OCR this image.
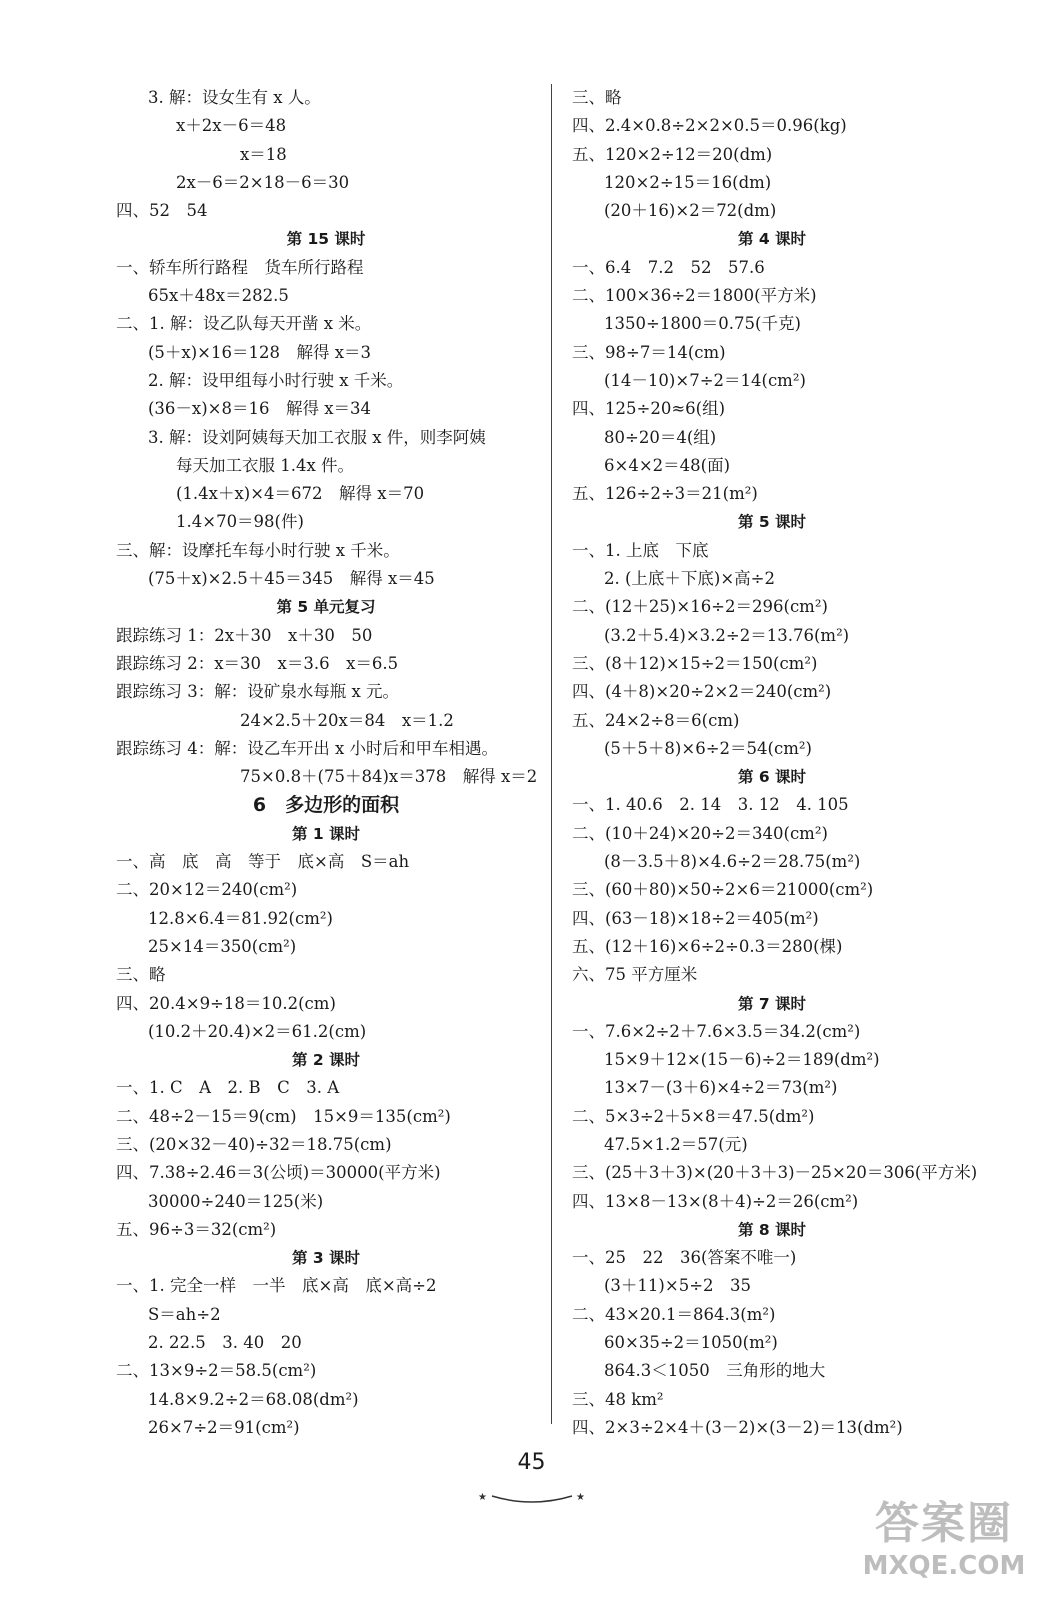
3. 解：设女生有 x 人。
x＋2x－6＝48
x＝18
2x－6＝2×18－6＝30
四、52　54
第 15 课时
一、轿车所行路程　货车所行路程
65x＋48x＝282.5
二、1. 解：设乙队每天开凿 x 米。
(5＋x)×16＝128　解得 x＝3
2. 解：设甲组每小时行驶 x 千米。
(36－x)×8＝16　解得 x＝34
3. 解：设刘阿姨每天加工衣服 x 件，则李阿姨
每天加工衣服 1.4x 件。
(1.4x＋x)×4＝672　解得 x＝70
1.4×70＝98(件)
三、解：设摩托车每小时行驶 x 千米。
(75＋x)×2.5＋45＝345　解得 x＝45
第 5 单元复习
跟踪练习 1：2x＋30　x＋30　50
跟踪练习 2：x＝30　x＝3.6　x＝6.5
跟踪练习 3：解：设矿泉水每瓶 x 元。
24×2.5＋20x＝84　x＝1.2
跟踪练习 4：解：设乙车开出 x 小时后和甲车相遇。
75×0.8＋(75＋84)x＝378　解得 x＝2
6　多边形的面积
第 1 课时
一、高　底　高　等于　底×高　S＝ah
二、20×12＝240(cm²)
12.8×6.4＝81.92(cm²)
25×14＝350(cm²)
三、略
四、20.4×9÷18＝10.2(cm)
(10.2＋20.4)×2＝61.2(cm)
第 2 课时
一、1. C　A　2. B　C　3. A
二、48÷2－15＝9(cm)　15×9＝135(cm²)
三、(20×32－40)÷32＝18.75(cm)
四、7.38÷2.46＝3(公顷)＝30000(平方米)
30000÷240＝125(米)
五、96÷3＝32(cm²)
第 3 课时
一、1. 完全一样　一半　底×高　底×高÷2
S＝ah÷2
2. 22.5　3. 40　20
二、13×9÷2＝58.5(cm²)
14.8×9.2÷2＝68.08(dm²)
26×7÷2＝91(cm²)
三、略
四、2.4×0.8÷2×2×0.5＝0.96(kg)
五、120×2÷12＝20(dm)
120×2÷15＝16(dm)
(20＋16)×2＝72(dm)
第 4 课时
一、6.4　7.2　52　57.6
二、100×36÷2＝1800(平方米)
1350÷1800＝0.75(千克)
三、98÷7＝14(cm)
(14－10)×7÷2＝14(cm²)
四、125÷20≈6(组)
80÷20＝4(组)
6×4×2＝48(面)
五、126÷2÷3＝21(m²)
第 5 课时
一、1. 上底　下底
2. (上底＋下底)×高÷2
二、(12＋25)×16÷2＝296(cm²)
(3.2＋5.4)×3.2÷2＝13.76(m²)
三、(8＋12)×15÷2＝150(cm²)
四、(4＋8)×20÷2×2＝240(cm²)
五、24×2÷8＝6(cm)
(5＋5＋8)×6÷2＝54(cm²)
第 6 课时
一、1. 40.6　2. 14　3. 12　4. 105
二、(10＋24)×20÷2＝340(cm²)
(8－3.5＋8)×4.6÷2＝28.75(m²)
三、(60＋80)×50÷2×6＝21000(cm²)
四、(63－18)×18÷2＝405(m²)
五、(12＋16)×6÷2÷0.3＝280(棵)
六、75 平方厘米
第 7 课时
一、7.6×2÷2＋7.6×3.5＝34.2(cm²)
15×9＋12×(15－6)÷2＝189(dm²)
13×7－(3＋6)×4÷2＝73(m²)
二、5×3÷2＋5×8＝47.5(dm²)
47.5×1.2＝57(元)
三、(25＋3＋3)×(20＋3＋3)－25×20＝306(平方米)
四、13×8－13×(8＋4)÷2＝26(cm²)
第 8 课时
一、25　22　36(答案不唯一)
(3＋11)×5÷2　35
二、43×20.1＝864.3(m²)
60×35÷2＝1050(m²)
864.3＜1050　三角形的地大
三、48 km²
四、2×3÷2×4＋(3－2)×(3－2)＝13(dm²)
45
★	★
答案圈
MXQE.COM
